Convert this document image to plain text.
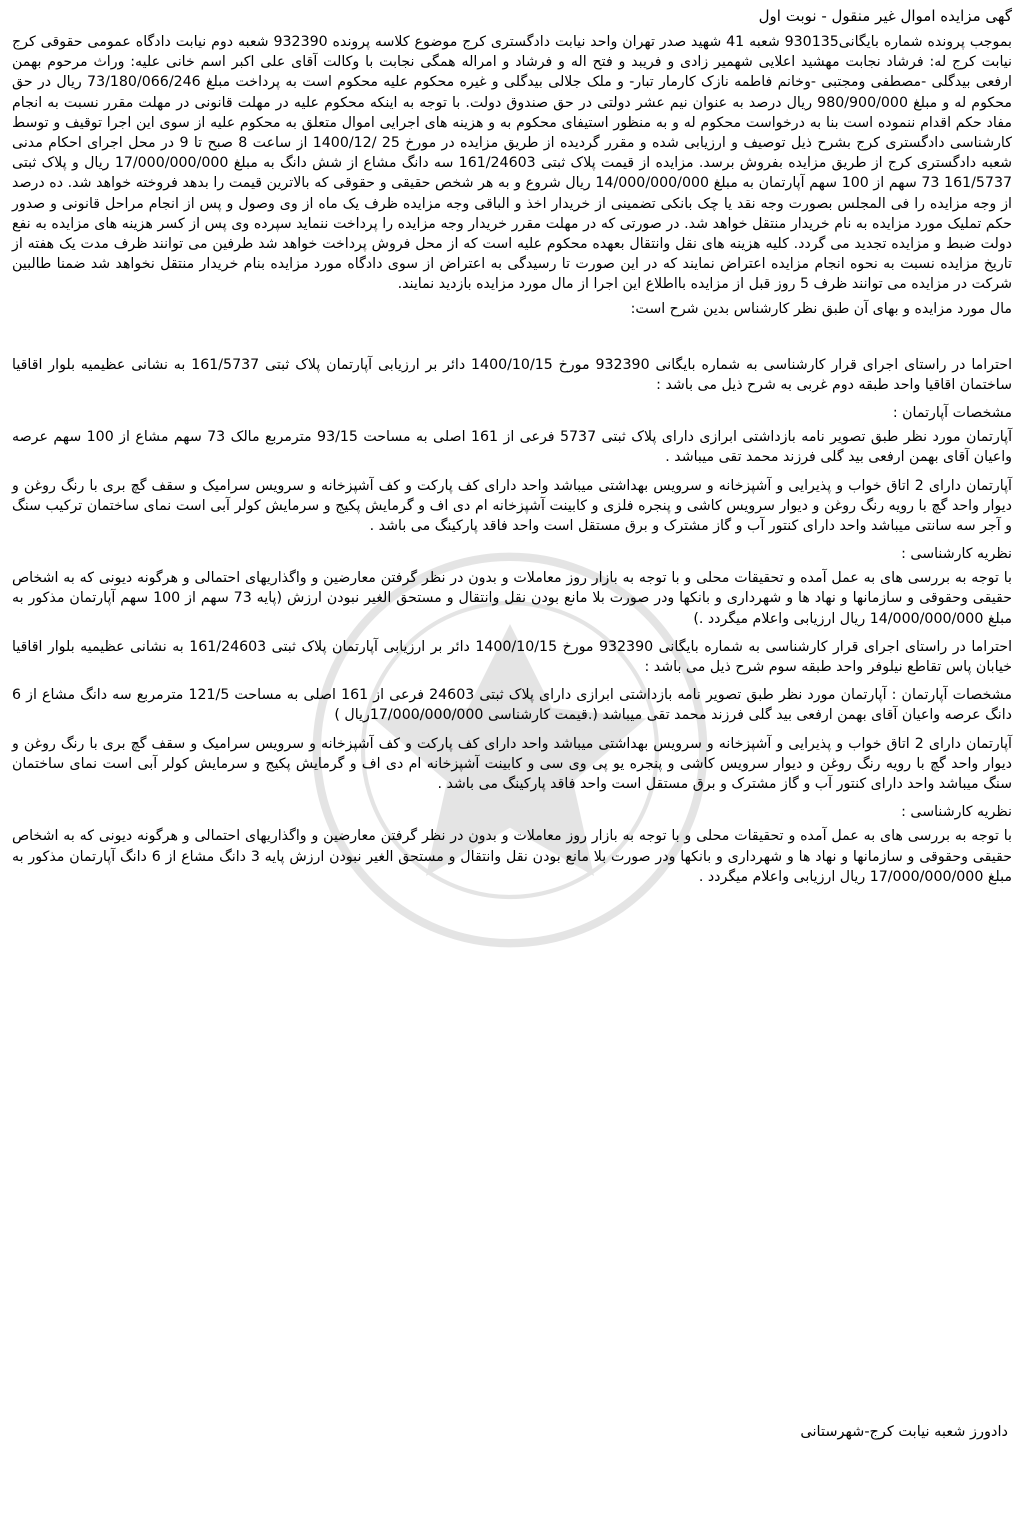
گهی مزایده اموال غیر منقول - نوبت اول

بموجب پرونده شماره بایگانی930135 شعبه 41 شهید صدر تهران واحد نیابت دادگستری کرج موضوع کلاسه پرونده 932390 شعبه دوم نیابت دادگاه عمومی حقوقی کرج نیابت کرج له: فرشاد نجابت مهشید اعلایی شهمیر زادی و فریبد و فتح اله و فرشاد و امراله همگی نجابت با وکالت آقای علی اکبر اسم خانی علیه: وراث مرحوم بهمن ارفعی بیدگلی -مصطفی ومجتبی -وخانم فاطمه نازک کارمار تبار- و ملک جلالی بیدگلی و غیره محکوم علیه محکوم است به پرداخت مبلغ 73/180/066/246 ریال در حق محکوم له و مبلغ 980/900/000 ریال درصد به عنوان نیم عشر دولتی در حق صندوق دولت. با توجه به اینکه محکوم علیه در مهلت قانونی در مهلت مقرر نسبت به انجام مفاد حکم اقدام ننموده است بنا به درخواست محکوم له و به منظور استیفای محکوم به و هزینه های اجرایی اموال متعلق به محکوم علیه از سوی این اجرا توقیف و توسط کارشناسی دادگستری کرج بشرح ذیل توصیف و ارزیابی شده و مقرر گردیده از طریق مزایده در مورخ 25 /1400/12 از ساعت 8 صبح تا 9 در محل اجرای احکام مدنی شعبه دادگستری کرج از طریق مزایده بفروش برسد. مزایده از قیمت پلاک ثبتی 161/24603 سه دانگ مشاع از شش دانگ به مبلغ 17/000/000/000 ریال و پلاک ثبتی 161/5737 73 سهم از 100 سهم آپارتمان به مبلغ 14/000/000/000 ریال شروع و به هر شخص حقیقی و حقوقی که بالاترین قیمت را بدهد فروخته خواهد شد. ده درصد از وجه مزایده را فی المجلس بصورت وجه نقد یا چک بانکی تضمینی از خریدار اخذ و الباقی وجه مزایده ظرف یک ماه از وی وصول و پس از انجام مراحل قانونی و صدور حکم تملیک مورد مزایده به نام خریدار منتقل خواهد شد. در صورتی که در مهلت مقرر خریدار وجه مزایده را پرداخت ننماید سپرده وی پس از کسر هزینه های مزایده به نفع دولت ضبط و مزایده تجدید می گردد. کلیه هزینه های نقل وانتقال بعهده محکوم علیه است که از محل فروش پرداخت خواهد شد طرفین می توانند ظرف مدت یک هفته از تاریخ مزایده نسبت به نحوه انجام مزایده اعتراض نمایند که در این صورت تا رسیدگی به اعتراض از سوی دادگاه مورد مزایده بنام خریدار منتقل نخواهد شد ضمنا طالبین شرکت در مزایده می توانند ظرف 5 روز قبل از مزایده بااطلاع این اجرا از مال مورد مزایده بازدید نمایند.

مال مورد مزایده و بهای آن طبق نظر کارشناس بدین شرح است:

احتراما در راستای اجرای قرار کارشناسی به شماره بایگانی 932390 مورخ 1400/10/15 دائر بر ارزیابی آپارتمان پلاک ثبتی 161/5737 به نشانی عظیمیه بلوار اقاقیا ساختمان اقاقیا واحد طبقه دوم غربی به شرح ذیل می باشد :

مشخصات آپارتمان :

آپارتمان مورد نظر طبق تصویر نامه بازداشتی ابرازی دارای پلاک ثبتی 5737 فرعی از 161 اصلی به مساحت 93/15 مترمربع مالک 73 سهم مشاع از 100 سهم عرصه واعیان آقای بهمن ارفعی بید گلی فرزند محمد تقی میباشد .

آپارتمان دارای 2 اتاق خواب و پذیرایی و آشپزخانه و سرویس بهداشتی میباشد واحد دارای کف پارکت و کف آشپزخانه و سرویس سرامیک و سقف گچ بری با رنگ روغن و دیوار واحد گچ با رویه رنگ روغن و دیوار سرویس کاشی و پنجره فلزی و کابینت آشپزخانه ام دی اف و گرمایش پکیج و سرمایش کولر آبی است نمای ساختمان ترکیب سنگ و آجر سه سانتی میباشد واحد دارای کنتور آب و گاز مشترک و برق مستقل است واحد فاقد پارکینگ می باشد .

نظریه کارشناسی :

با توجه به بررسی های به عمل آمده و تحقیقات محلی و با توجه به بازار روز معاملات و بدون در نظر گرفتن معارضین و واگذاریهای احتمالی و هرگونه دیونی که به اشخاص حقیقی وحقوقی و سازمانها و نهاد ها و شهرداری و بانکها ودر صورت بلا مانع بودن نقل وانتقال و مستحق الغیر نبودن ارزش (پایه 73 سهم از 100 سهم آپارتمان مذکور به مبلغ 14/000/000/000 ریال ارزیابی واعلام میگردد .)

احتراما در راستای اجرای قرار کارشناسی به شماره بایگانی 932390 مورخ 1400/10/15 دائر بر ارزیابی آپارتمان پلاک ثبتی 161/24603 به نشانی عظیمیه بلوار اقاقیا خیابان پاس تقاطع نیلوفر واحد طبقه سوم شرح ذیل می باشد :

مشخصات آپارتمان : آپارتمان مورد نظر طبق تصویر نامه بازداشتی ابرازی دارای پلاک ثبتی 24603 فرعی از 161 اصلی به مساحت 121/5 مترمربع سه دانگ مشاع از 6 دانگ عرصه واعیان آقای بهمن ارفعی بید گلی فرزند محمد تقی میباشد (.قیمت کارشناسی 17/000/000/000ریال )

آپارتمان دارای 2 اتاق خواب و پذیرایی و آشپزخانه و سرویس بهداشتی میباشد واحد دارای کف پارکت و کف آشپزخانه و سرویس سرامیک و سقف گچ بری با رنگ روغن و دیوار واحد گچ با رویه رنگ روغن و دیوار سرویس کاشی و پنجره یو پی وی سی و کابینت آشپزخانه ام دی اف و گرمایش پکیج و سرمایش کولر آبی است نمای ساختمان سنگ میباشد واحد دارای کنتور آب و گاز مشترک و برق مستقل است واحد فاقد پارکینگ می باشد .

نظریه کارشناسی :

با توجه به بررسی های به عمل آمده و تحقیقات محلی و با توجه به بازار روز معاملات و بدون در نظر گرفتن معارضین و واگذاریهای احتمالی و هرگونه دیونی که به اشخاص حقیقی وحقوقی و سازمانها و نهاد ها و شهرداری و بانکها ودر صورت بلا مانع بودن نقل وانتقال و مستحق الغیر نبودن ارزش پایه 3 دانگ مشاع از 6 دانگ آپارتمان مذکور به مبلغ 17/000/000/000 ریال ارزیابی واعلام میگردد .

دادورز شعبه نیابت کرج-شهرستانی
